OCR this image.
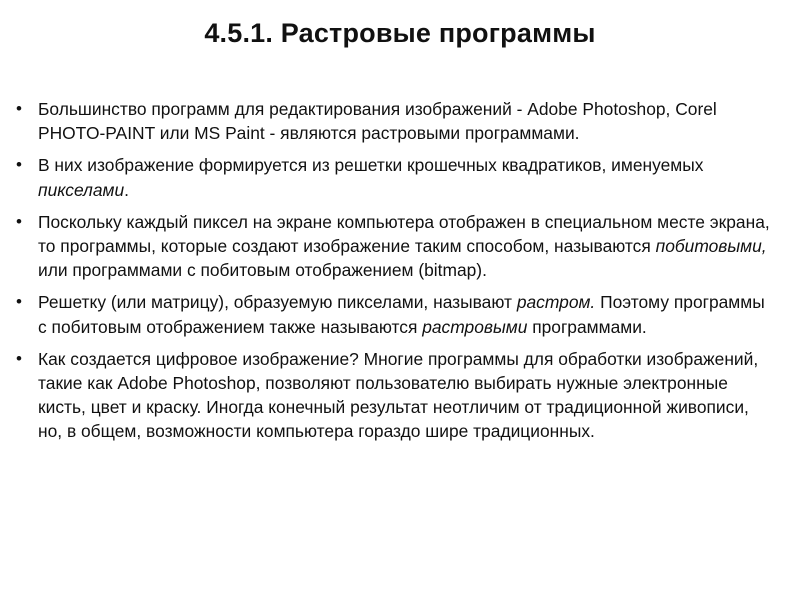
4.5.1. Растровые программы
• Большинство программ для редактирования изображений - Adobe Photoshop, Corel PHOTO-PAINT или MS Paint - являются растровыми программами.
• В них изображение формируется из решетки крошечных квадратиков, именуемых пикселами.
• Поскольку каждый пиксел на экране компьютера отображен в специальном месте экрана, то программы, которые создают изображение таким способом, называются побитовыми, или программами с побитовым отображением (bitmap).
• Решетку (или матрицу), образуемую пикселами, называют растром. Поэтому программы с побитовым отображением также называются растровыми программами.
• Как создается цифровое изображение? Многие программы для обработки изображений, такие как Adobe Photoshop, позволяют пользователю выбирать нужные электронные кисть, цвет и краску. Иногда конечный результат неотличим от традиционной живописи, но, в общем, возможности компьютера гораздо шире традиционных.
